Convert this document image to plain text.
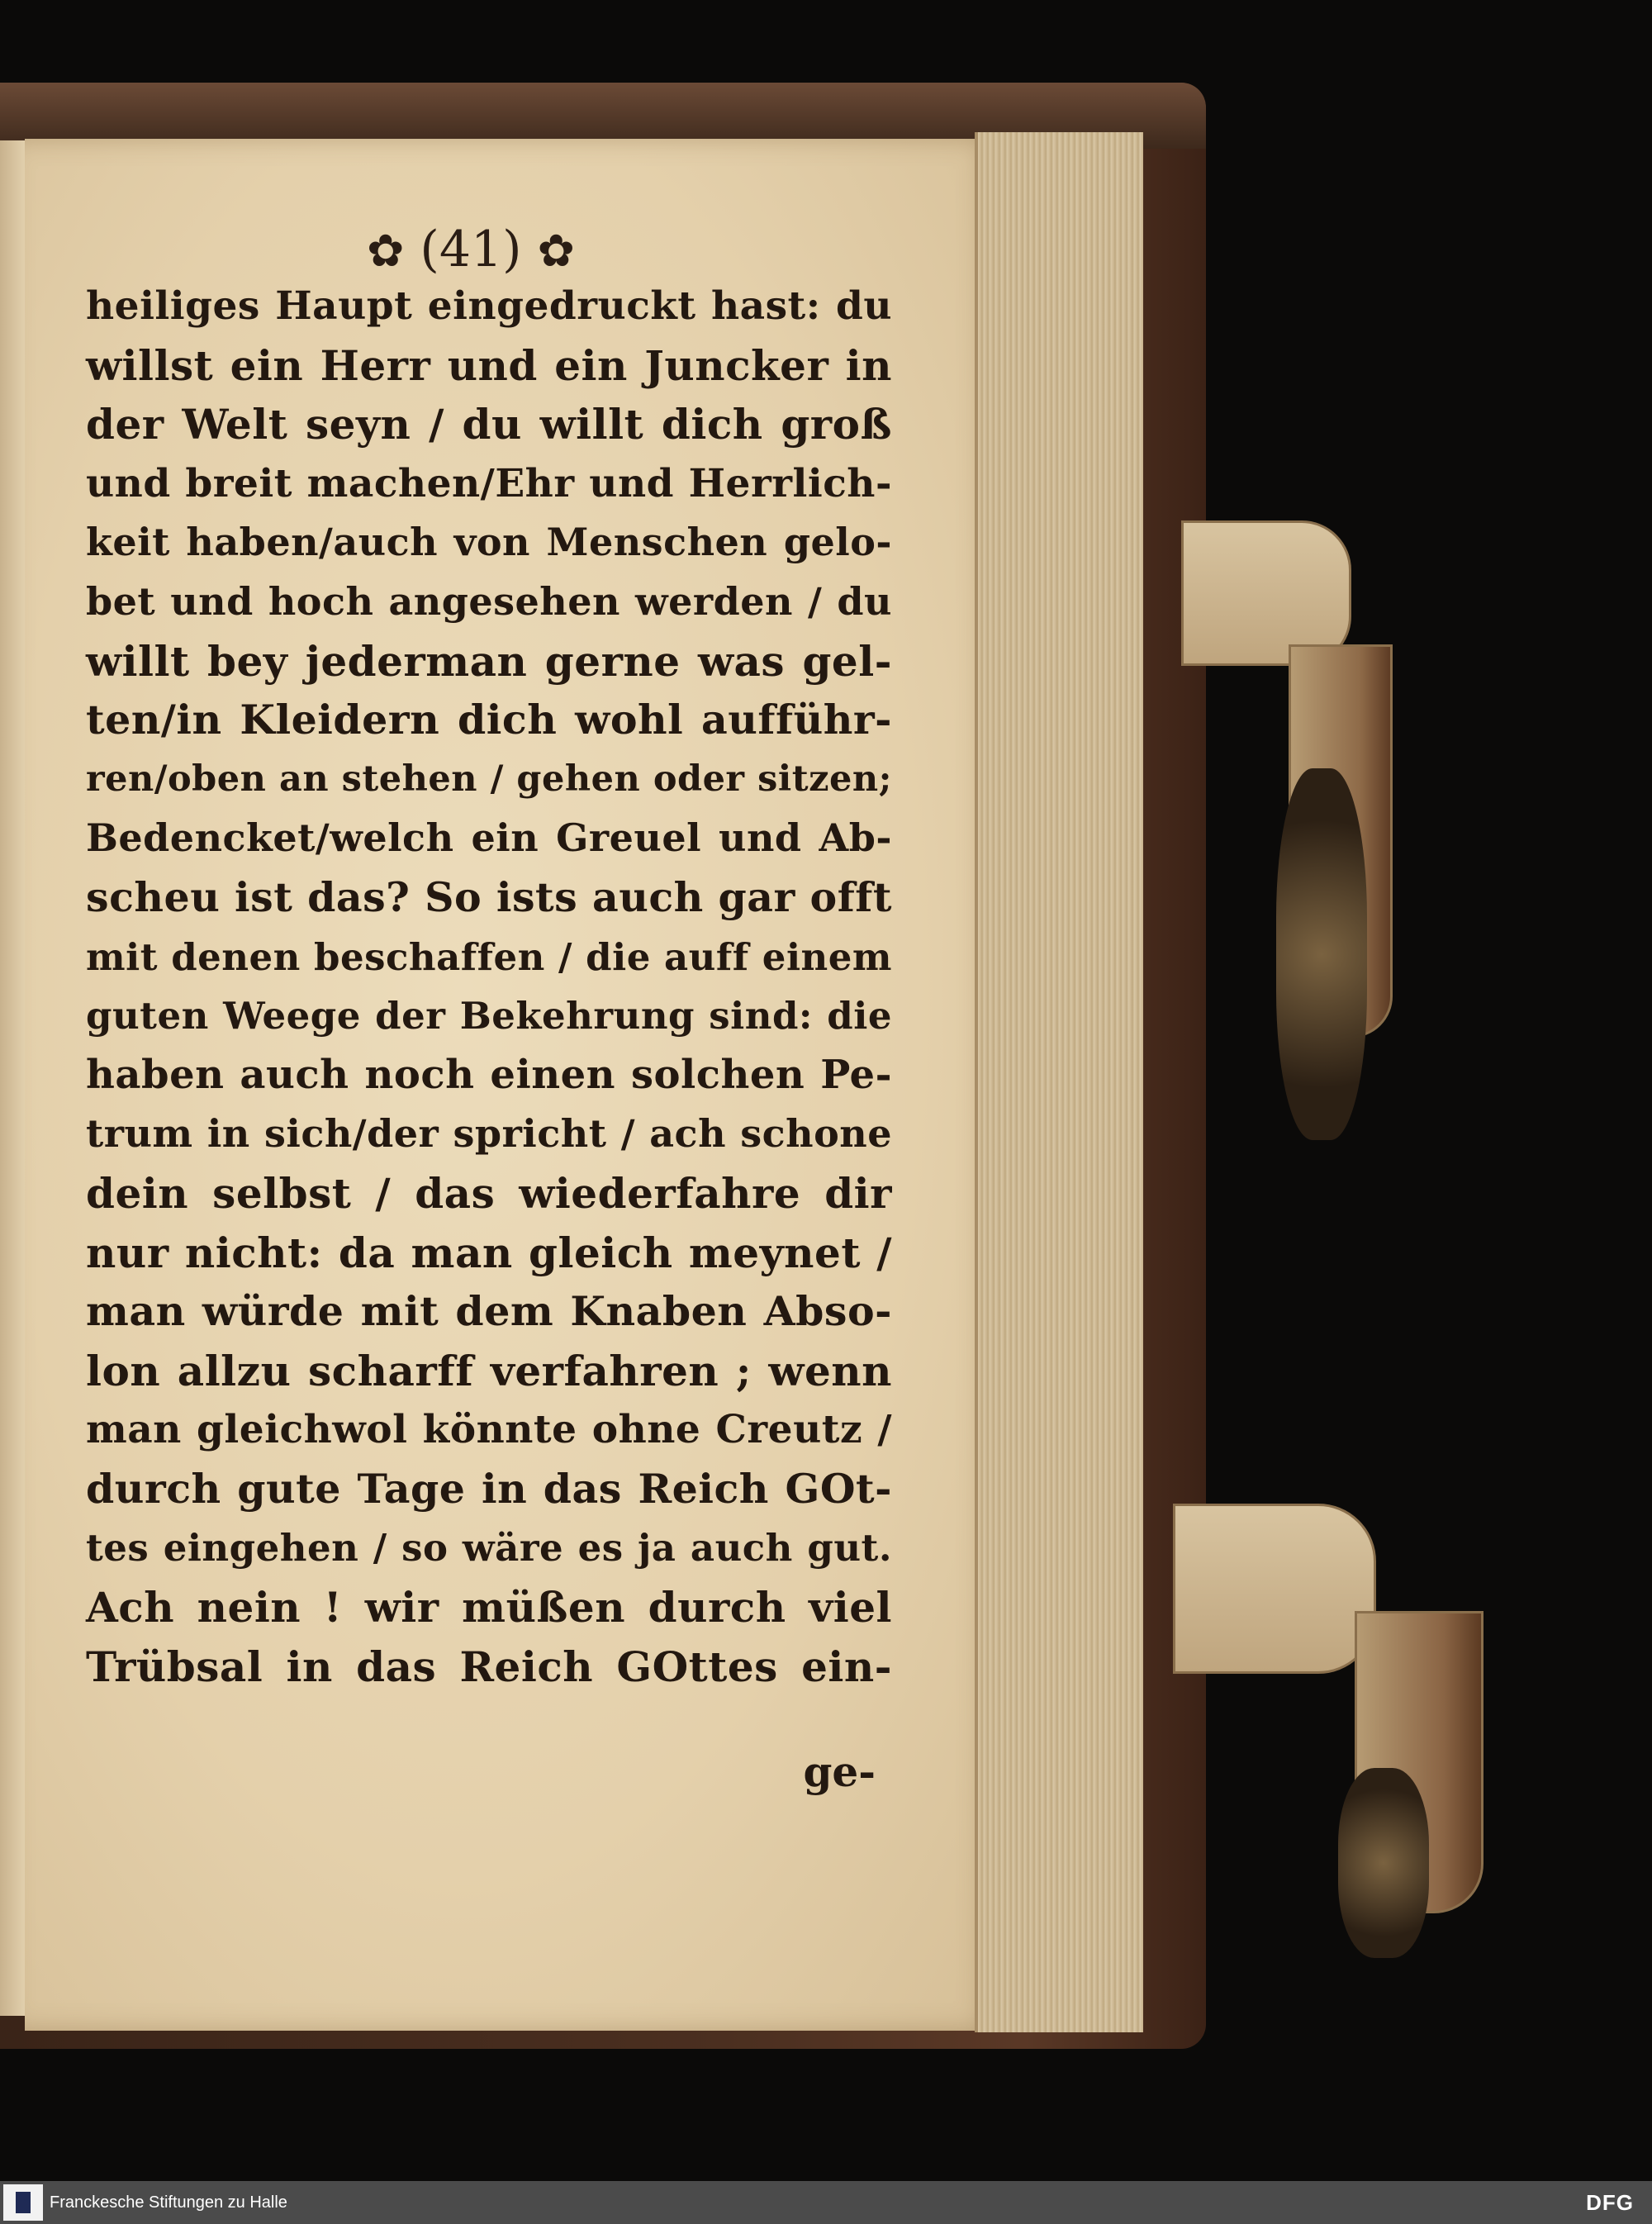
✿ (41) ✿
heiliges Haupt eingedruckt hast: du
willst ein Herr und ein Juncker in
der Welt seyn / du willt dich groß
und breit machen/Ehr und Herrlich-
keit haben/auch von Menschen gelo-
bet und hoch angesehen werden / du
willt bey jederman gerne was gel-
ten/in Kleidern dich wohl aufführ-
ren/oben an stehen / gehen oder sitzen;
Bedencket/welch ein Greuel und Ab-
scheu ist das? So ists auch gar offt
mit denen beschaffen / die auff einem
guten Weege der Bekehrung sind: die
haben auch noch einen solchen Pe-
trum in sich/der spricht / ach schone
dein selbst / das wiederfahre dir
nur nicht: da man gleich meynet /
man würde mit dem Knaben Abso-
lon allzu scharff verfahren ; wenn
man gleichwol könnte ohne Creutz /
durch gute Tage in das Reich GOt-
tes eingehen / so wäre es ja auch gut.
Ach nein ! wir müßen durch viel
Trübsal in das Reich GOttes ein-
ge-
Franckesche Stiftungen zu Halle	DFG
